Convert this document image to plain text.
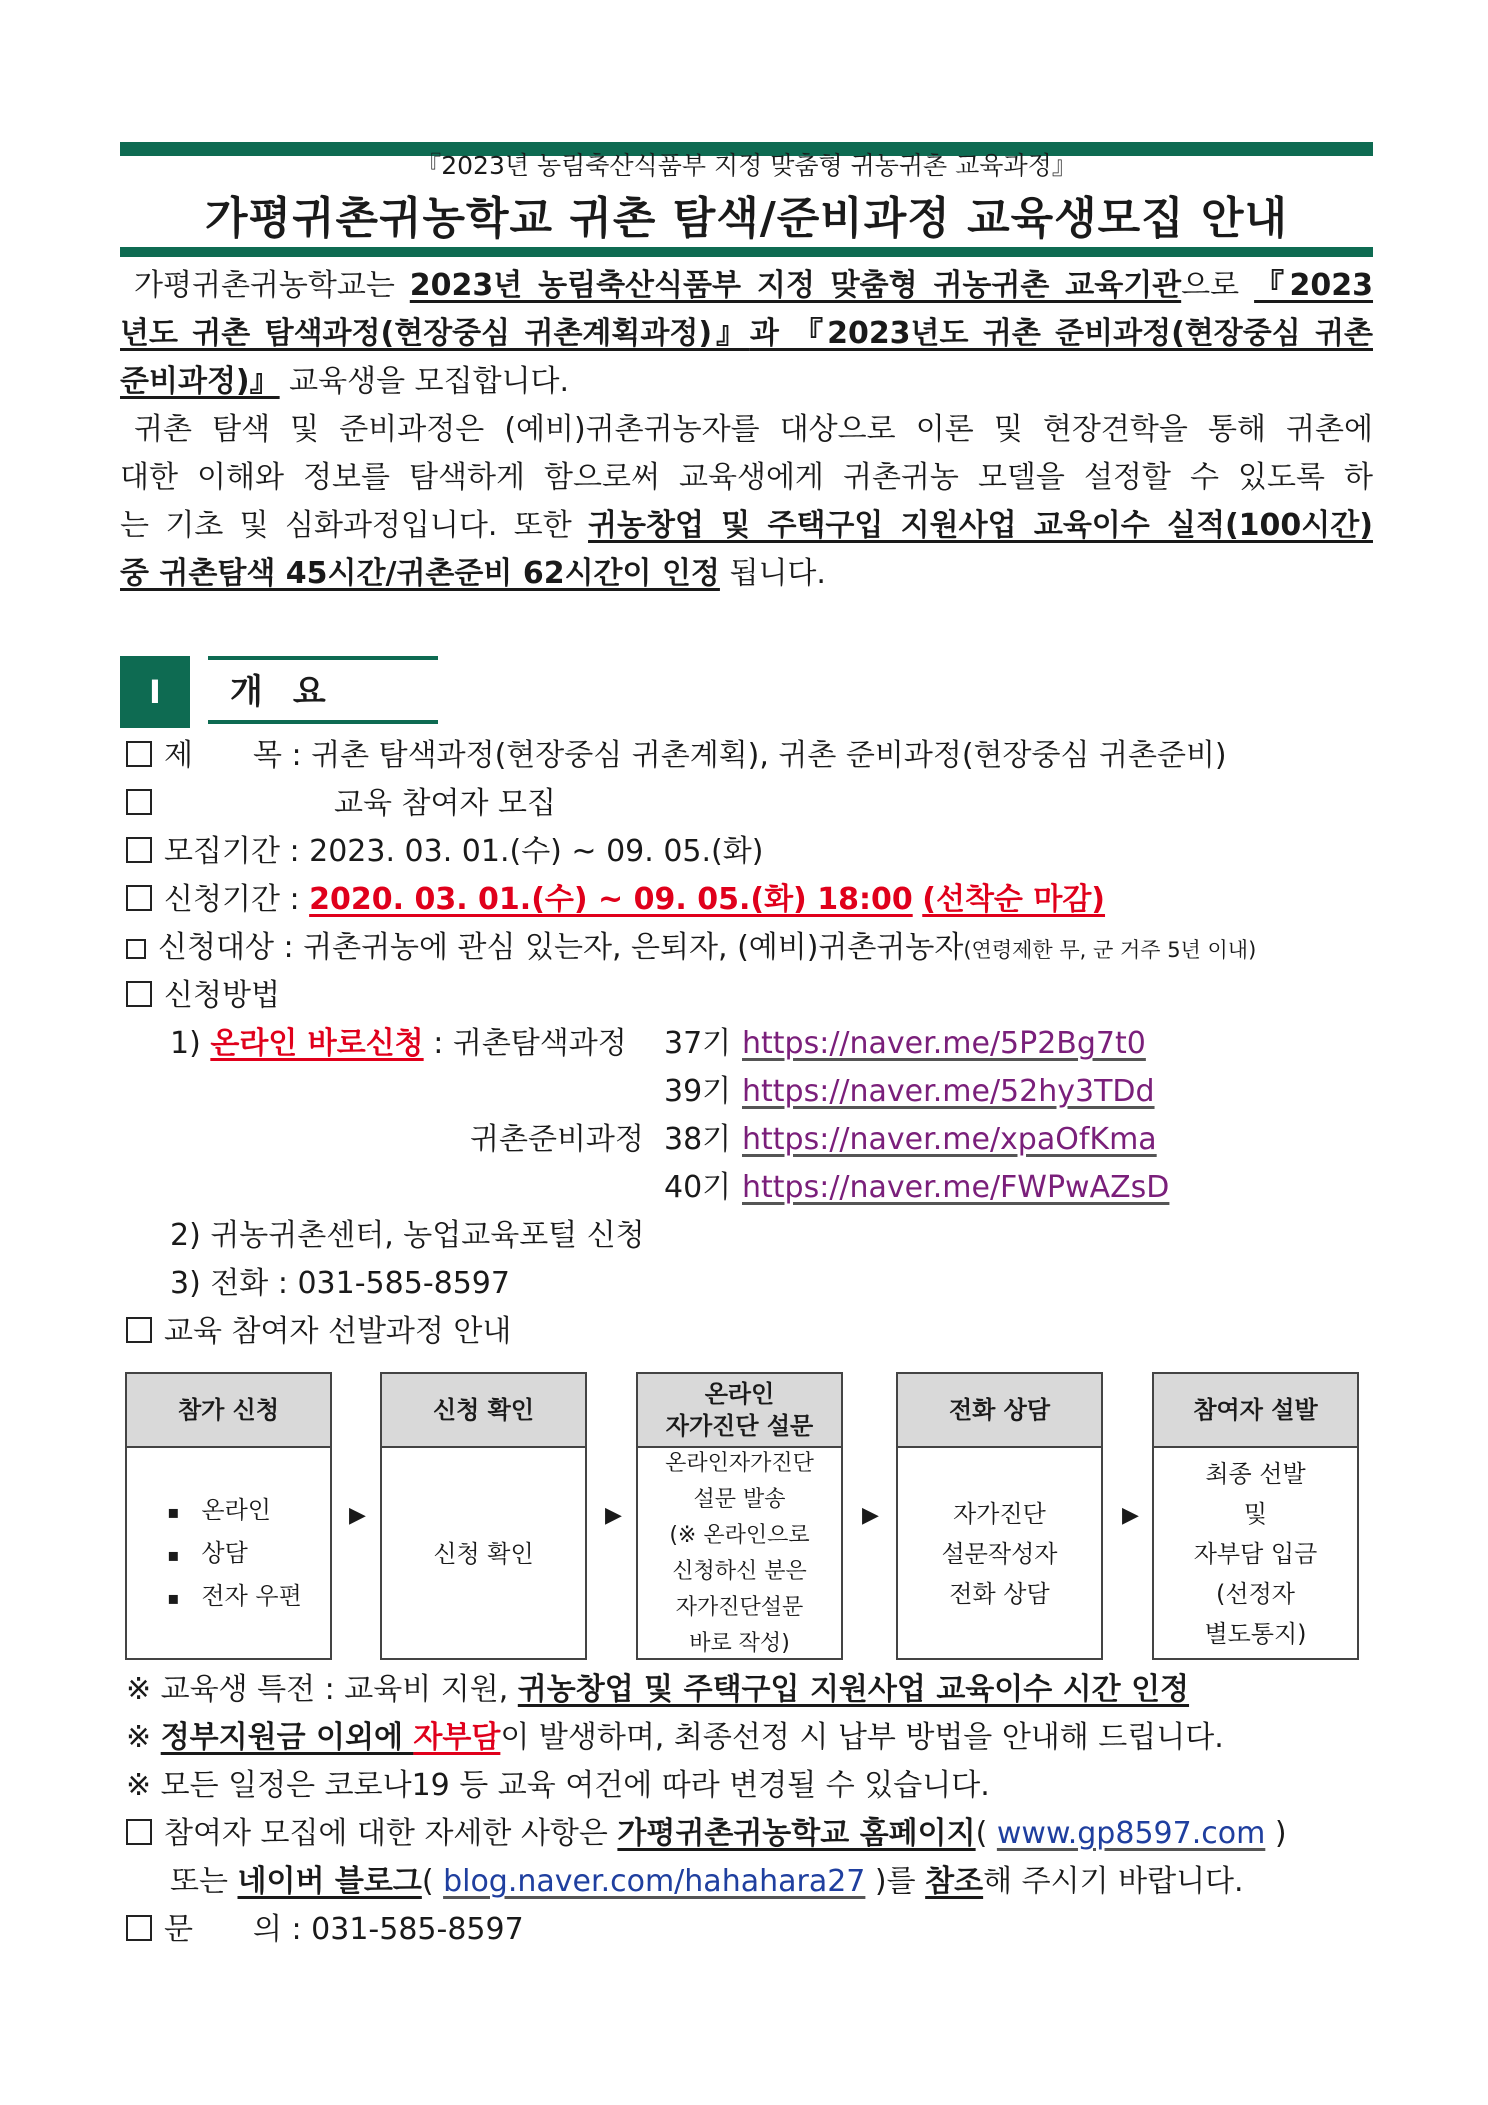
『2023년 농림축산식품부 지정 맞춤형 귀농귀촌 교육과정』
가평귀촌귀농학교 귀촌 탐색/준비과정 교육생모집 안내
가평귀촌귀농학교는 2023년 농림축산식품부 지정 맞춤형 귀농귀촌 교육기관으로 『2023
년도 귀촌 탐색과정(현장중심 귀촌계획과정)』과 『2023년도 귀촌 준비과정(현장중심 귀촌
준비과정)』 교육생을 모집합니다.
귀촌 탐색 및 준비과정은 (예비)귀촌귀농자를 대상으로 이론 및 현장견학을 통해 귀촌에
대한 이해와 정보를 탐색하게 함으로써 교육생에게 귀촌귀농 모델을 설정할 수 있도록 하
는 기초 및 심화과정입니다. 또한 귀농창업 및 주택구입 지원사업 교육이수 실적(100시간)
중 귀촌탐색 45시간/귀촌준비 62시간이 인정 됩니다.
I	개요
제　　목 : 귀촌 탐색과정(현장중심 귀촌계획), 귀촌 준비과정(현장중심 귀촌준비)
교육 참여자 모집
모집기간 : 2023. 03. 01.(수) ~ 09. 05.(화)
신청기간 : 2020. 03. 01.(수) ~ 09. 05.(화) 18:00 (선착순 마감)
신청대상 : 귀촌귀농에 관심 있는자, 은퇴자, (예비)귀촌귀농자(연령제한 무, 군 거주 5년 이내)
신청방법
1) 온라인 바로신청 : 귀촌탐색과정 37기 https://naver.me/5P2Bg7t0
39기 https://naver.me/52hy3TDd
귀촌준비과정 38기 https://naver.me/xpaOfKma
40기 https://naver.me/FWPwAZsD
2) 귀농귀촌센터, 농업교육포털 신청
3) 전화 : 031-585-8597
교육 참여자 선발과정 안내
참가 신청
▪ 온라인
▪ 상담
▪ 전자 우편
▶
신청 확인
신청 확인
▶
온라인
자가진단 설문
온라인자가진단
설문 발송
(※ 온라인으로
신청하신 분은
자가진단설문
바로 작성)
▶
전화 상담
자가진단
설문작성자
전화 상담
▶
참여자 설발
최종 선발
및
자부담 입금
(선정자
별도통지)
※ 교육생 특전 : 교육비 지원, 귀농창업 및 주택구입 지원사업 교육이수 시간 인정
※ 정부지원금 이외에 자부담이 발생하며, 최종선정 시 납부 방법을 안내해 드립니다.
※ 모든 일정은 코로나19 등 교육 여건에 따라 변경될 수 있습니다.
참여자 모집에 대한 자세한 사항은 가평귀촌귀농학교 홈페이지( www.gp8597.com )
또는 네이버 블로그( blog.naver.com/hahahara27 )를 참조해 주시기 바랍니다.
문　　의 : 031-585-8597
